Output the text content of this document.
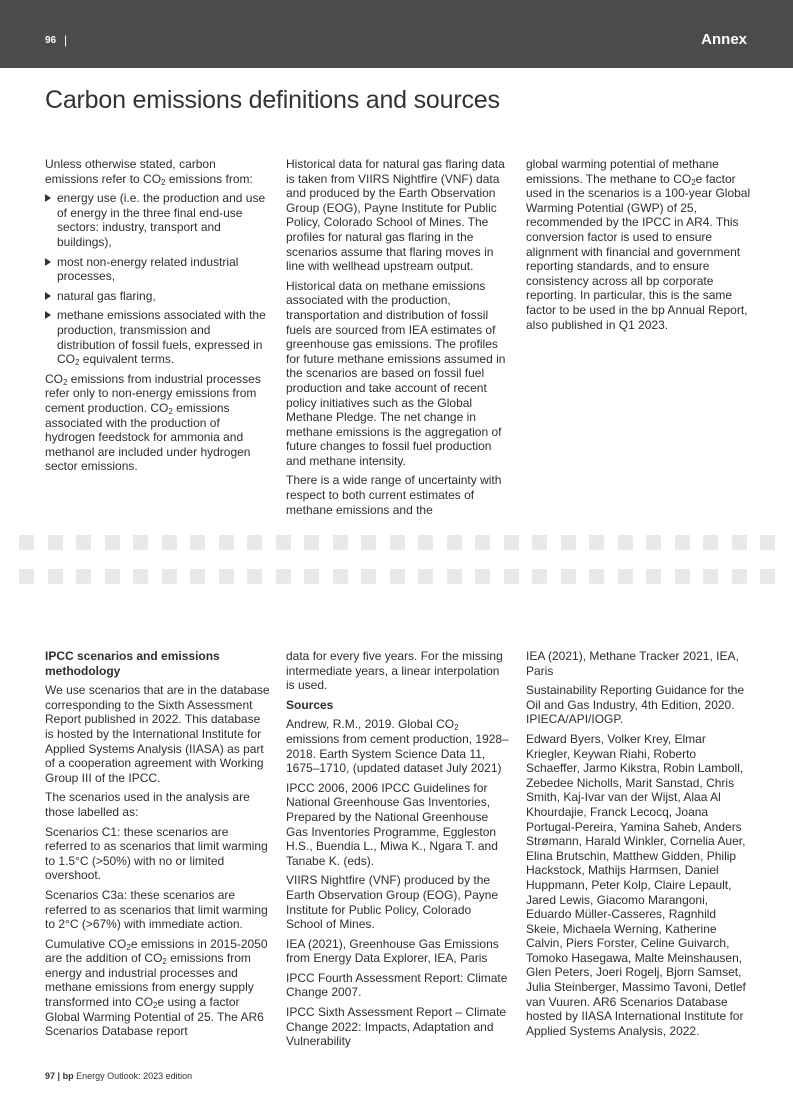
96 |	Annex
Carbon emissions definitions and sources

Unless otherwise stated, carbon emissions refer to $CO_2$ emissions from:

energy use (i.e. the production and use of energy in the three final end-use sectors: industry, transport and buildings),
most non-energy related industrial processes,
natural gas flaring,
methane emissions associated with the production, transmission and distribution of fossil fuels, expressed in $CO_2$ equivalent terms.

$CO_2$ emissions from industrial processes refer only to non-energy emissions from cement production. $CO_2$ emissions associated with the production of hydrogen feedstock for ammonia and methanol are included under hydrogen sector emissions.

Historical data for natural gas flaring data is taken from VIIRS Nightfire (VNF) data and produced by the Earth Observation Group (EOG), Payne Institute for Public Policy, Colorado School of Mines. The profiles for natural gas flaring in the scenarios assume that flaring moves in line with wellhead upstream output.

Historical data on methane emissions associated with the production, transportation and distribution of fossil fuels are sourced from IEA estimates of greenhouse gas emissions. The profiles for future methane emissions assumed in the scenarios are based on fossil fuel production and take account of recent policy initiatives such as the Global Methane Pledge. The net change in methane emissions is the aggregation of future changes to fossil fuel production and methane intensity.

There is a wide range of uncertainty with respect to both current estimates of methane emissions and the

global warming potential of methane emissions. The methane to $CO_2e$ factor used in the scenarios is a 100-year Global Warming Potential (GWP) of 25, recommended by the IPCC in AR4. This conversion factor is used to ensure alignment with financial and government reporting standards, and to ensure consistency across all bp corporate reporting. In particular, this is the same factor to be used in the bp Annual Report, also published in Q1 2023.

IPCC scenarios and emissions methodology

We use scenarios that are in the database corresponding to the Sixth Assessment Report published in 2022. This database is hosted by the International Institute for Applied Systems Analysis (IIASA) as part of a cooperation agreement with Working Group III of the IPCC.

The scenarios used in the analysis are those labelled as:

Scenarios C1: these scenarios are referred to as scenarios that limit warming to 1.5°C (>50%) with no or limited overshoot.

Scenarios C3a: these scenarios are referred to as scenarios that limit warming to 2°C (>67%) with immediate action.

Cumulative $CO_2e$ emissions in 2015-2050 are the addition of $CO_2$ emissions from energy and industrial processes and methane emissions from energy supply transformed into $CO_2e$ using a factor Global Warming Potential of 25. The AR6 Scenarios Database report

data for every five years. For the missing intermediate years, a linear interpolation is used.

Sources

Andrew, R.M., 2019. Global $CO_2$ emissions from cement production, 1928–2018. Earth System Science Data 11, 1675–1710, (updated dataset July 2021)

IPCC 2006, 2006 IPCC Guidelines for National Greenhouse Gas Inventories, Prepared by the National Greenhouse Gas Inventories Programme, Eggleston H.S., Buendia L., Miwa K., Ngara T. and Tanabe K. (eds).

VIIRS Nightfire (VNF) produced by the Earth Observation Group (EOG), Payne Institute for Public Policy, Colorado School of Mines.

IEA (2021), Greenhouse Gas Emissions from Energy Data Explorer, IEA, Paris

IPCC Fourth Assessment Report: Climate Change 2007.

IPCC Sixth Assessment Report – Climate Change 2022: Impacts, Adaptation and Vulnerability

IEA (2021), Methane Tracker 2021, IEA, Paris

Sustainability Reporting Guidance for the Oil and Gas Industry, 4th Edition, 2020. IPIECA/API/IOGP.

Edward Byers, Volker Krey, Elmar Kriegler, Keywan Riahi, Roberto Schaeffer, Jarmo Kikstra, Robin Lamboll, Zebedee Nicholls, Marit Sanstad, Chris Smith, Kaj-Ivar van der Wijst, Alaa Al Khourdajie, Franck Lecocq, Joana Portugal-Pereira, Yamina Saheb, Anders Strømann, Harald Winkler, Cornelia Auer, Elina Brutschin, Matthew Gidden, Philip Hackstock, Mathijs Harmsen, Daniel Huppmann, Peter Kolp, Claire Lepault, Jared Lewis, Giacomo Marangoni, Eduardo Müller-Casseres, Ragnhild Skeie, Michaela Werning, Katherine Calvin, Piers Forster, Celine Guivarch, Tomoko Hasegawa, Malte Meinshausen, Glen Peters, Joeri Rogelj, Bjorn Samset, Julia Steinberger, Massimo Tavoni, Detlef van Vuuren. AR6 Scenarios Database hosted by IIASA International Institute for Applied Systems Analysis, 2022.

97 | bp Energy Outlook: 2023 edition
